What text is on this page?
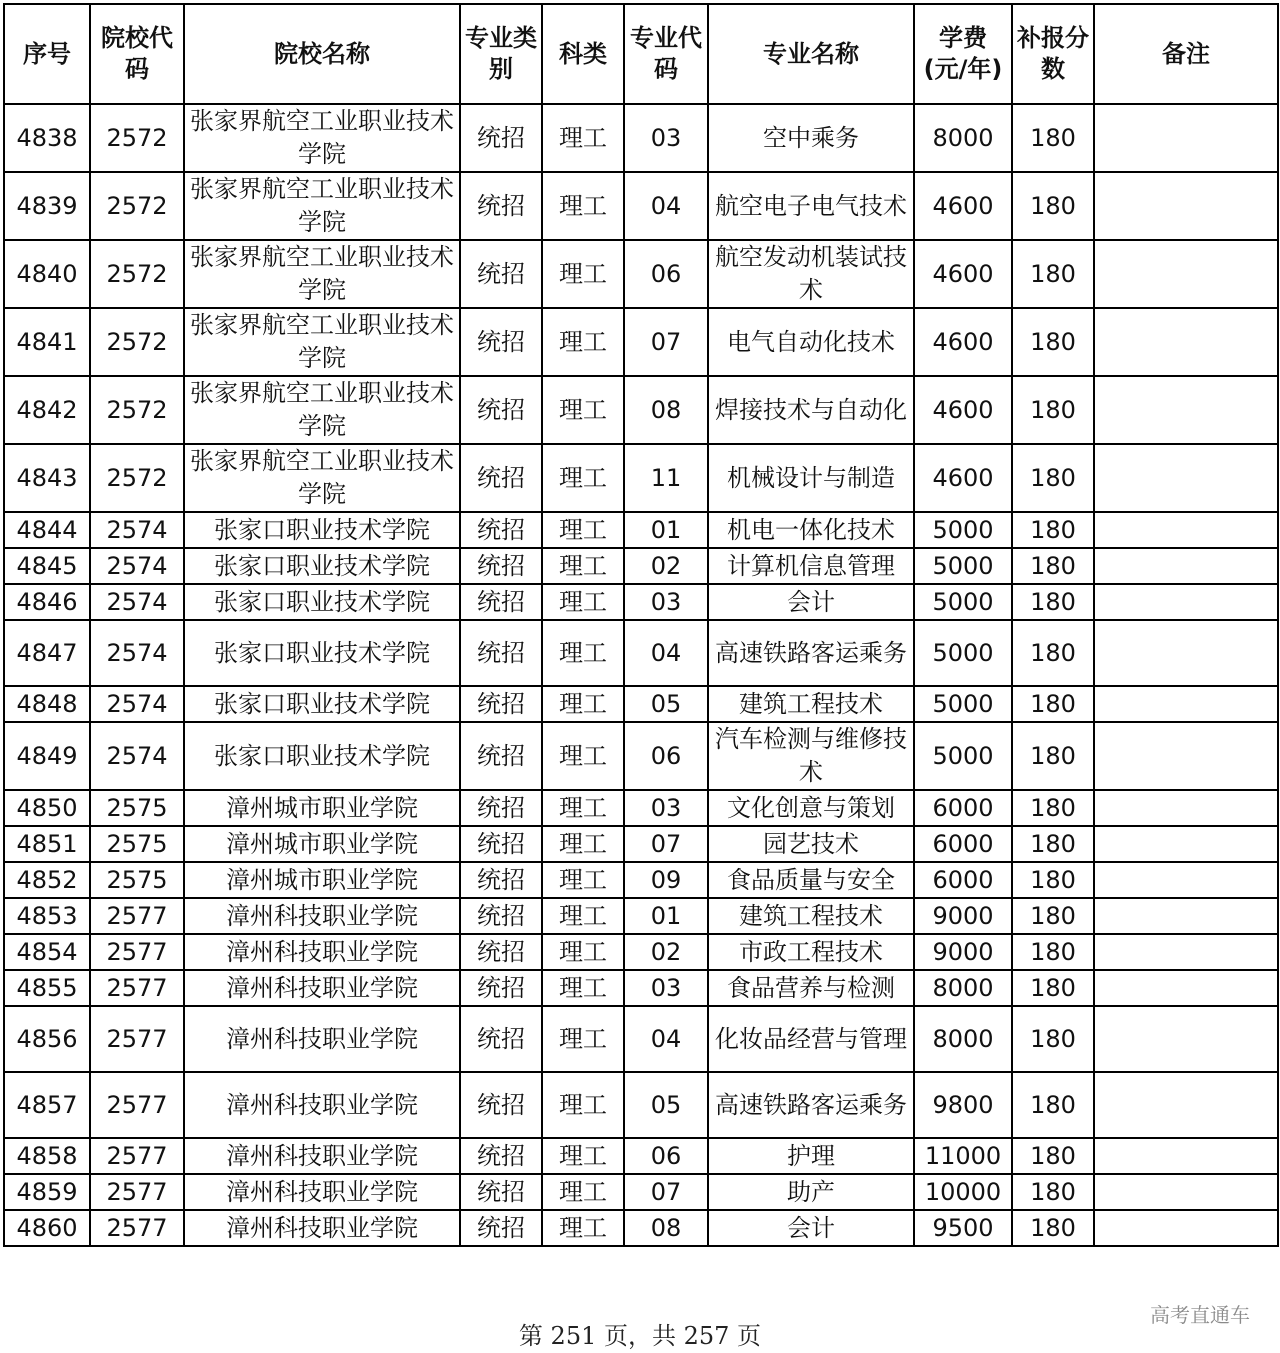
序号	院校代码	院校名称	专业类别	科类	专业代码	专业名称	学费(元/年)	补报分数	备注
4838	2572	张家界航空工业职业技术学院	统招	理工	03	空中乘务	8000	180	
4839	2572	张家界航空工业职业技术学院	统招	理工	04	航空电子电气技术	4600	180	
4840	2572	张家界航空工业职业技术学院	统招	理工	06	航空发动机装试技术	4600	180	
4841	2572	张家界航空工业职业技术学院	统招	理工	07	电气自动化技术	4600	180	
4842	2572	张家界航空工业职业技术学院	统招	理工	08	焊接技术与自动化	4600	180	
4843	2572	张家界航空工业职业技术学院	统招	理工	11	机械设计与制造	4600	180	
4844	2574	张家口职业技术学院	统招	理工	01	机电一体化技术	5000	180	
4845	2574	张家口职业技术学院	统招	理工	02	计算机信息管理	5000	180	
4846	2574	张家口职业技术学院	统招	理工	03	会计	5000	180	
4847	2574	张家口职业技术学院	统招	理工	04	高速铁路客运乘务	5000	180	
4848	2574	张家口职业技术学院	统招	理工	05	建筑工程技术	5000	180	
4849	2574	张家口职业技术学院	统招	理工	06	汽车检测与维修技术	5000	180	
4850	2575	漳州城市职业学院	统招	理工	03	文化创意与策划	6000	180	
4851	2575	漳州城市职业学院	统招	理工	07	园艺技术	6000	180	
4852	2575	漳州城市职业学院	统招	理工	09	食品质量与安全	6000	180	
4853	2577	漳州科技职业学院	统招	理工	01	建筑工程技术	9000	180	
4854	2577	漳州科技职业学院	统招	理工	02	市政工程技术	9000	180	
4855	2577	漳州科技职业学院	统招	理工	03	食品营养与检测	8000	180	
4856	2577	漳州科技职业学院	统招	理工	04	化妆品经营与管理	8000	180	
4857	2577	漳州科技职业学院	统招	理工	05	高速铁路客运乘务	9800	180	
4858	2577	漳州科技职业学院	统招	理工	06	护理	11000	180	
4859	2577	漳州科技职业学院	统招	理工	07	助产	10000	180	
4860	2577	漳州科技职业学院	统招	理工	08	会计	9500	180	
第 251 页，共 257 页
高考直通车
